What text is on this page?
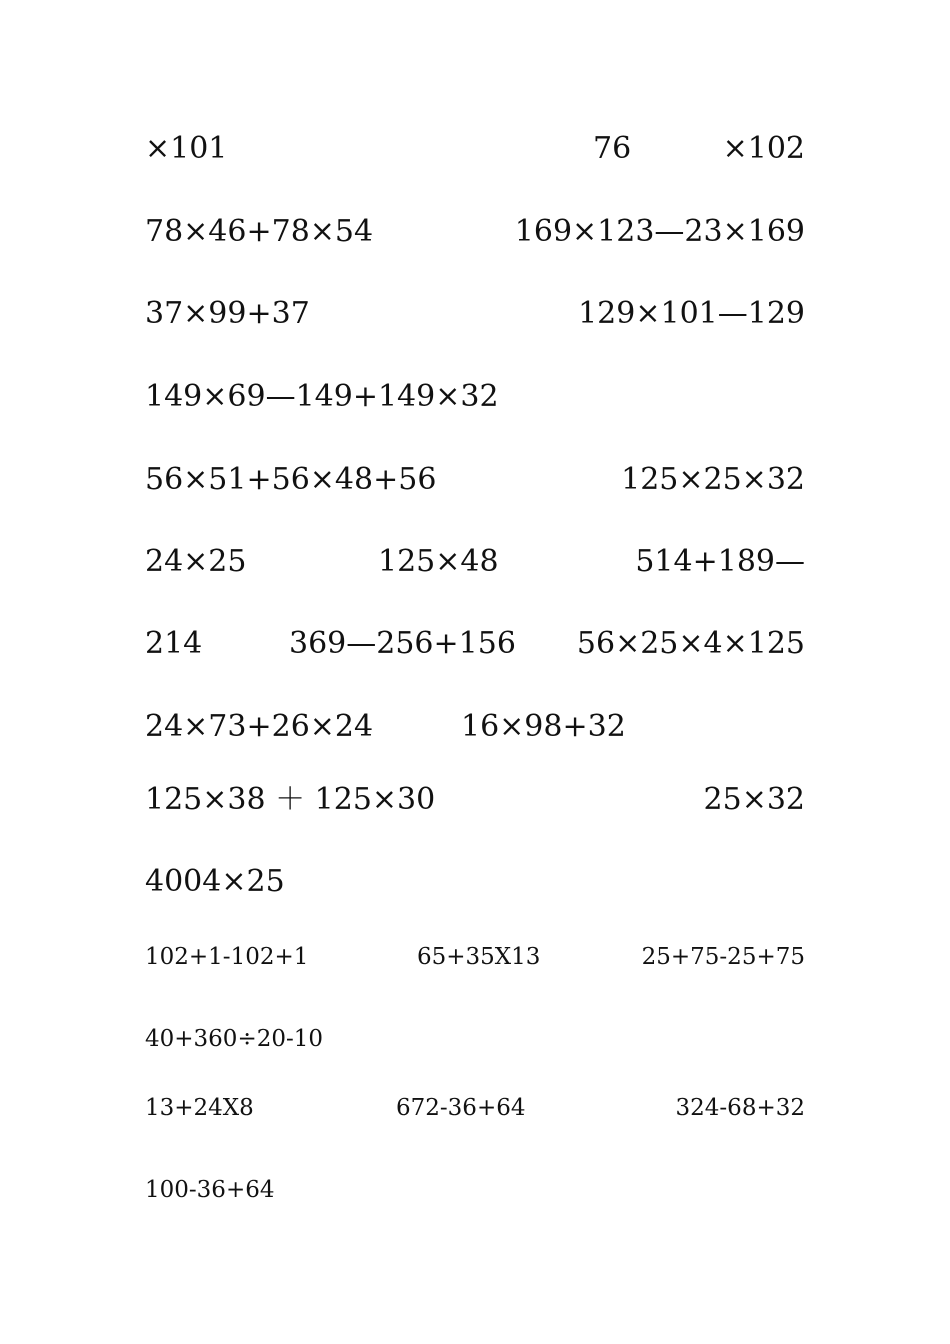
×101	76	×102
78×46+78×54	169×123—23×169
37×99+37	129×101—129
149×69—149+149×32
56×51+56×48+56	125×25×32
24×25	125×48	514+189—
214	369—256+156 56×25×4×125
24×73+26×24	16×98+32
125×38 ＋ 125×30	25×32
4004×25
102+1-102+1	65+35X13	25+75-25+75
40+360÷20-10
13+24X8	672-36+64	324-68+32
100-36+64
